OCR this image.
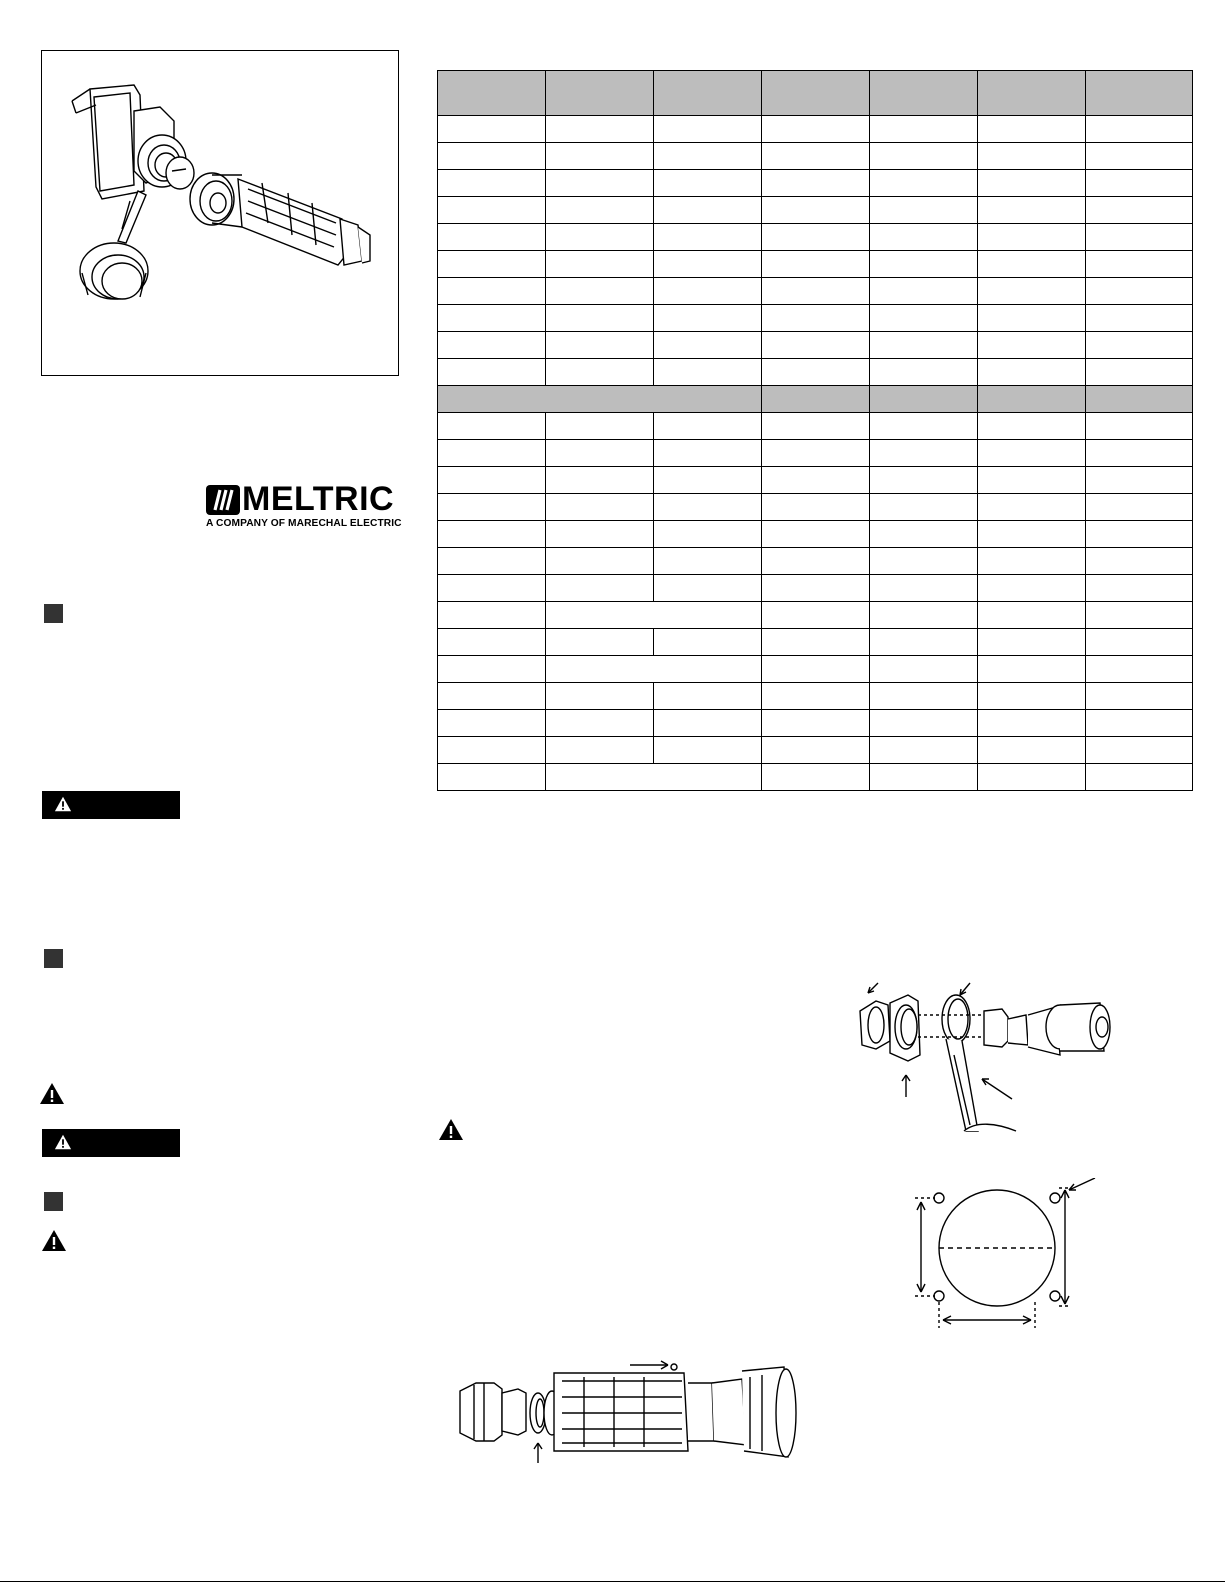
MELTRIC
A COMPANY OF MARECHAL ELECTRIC
